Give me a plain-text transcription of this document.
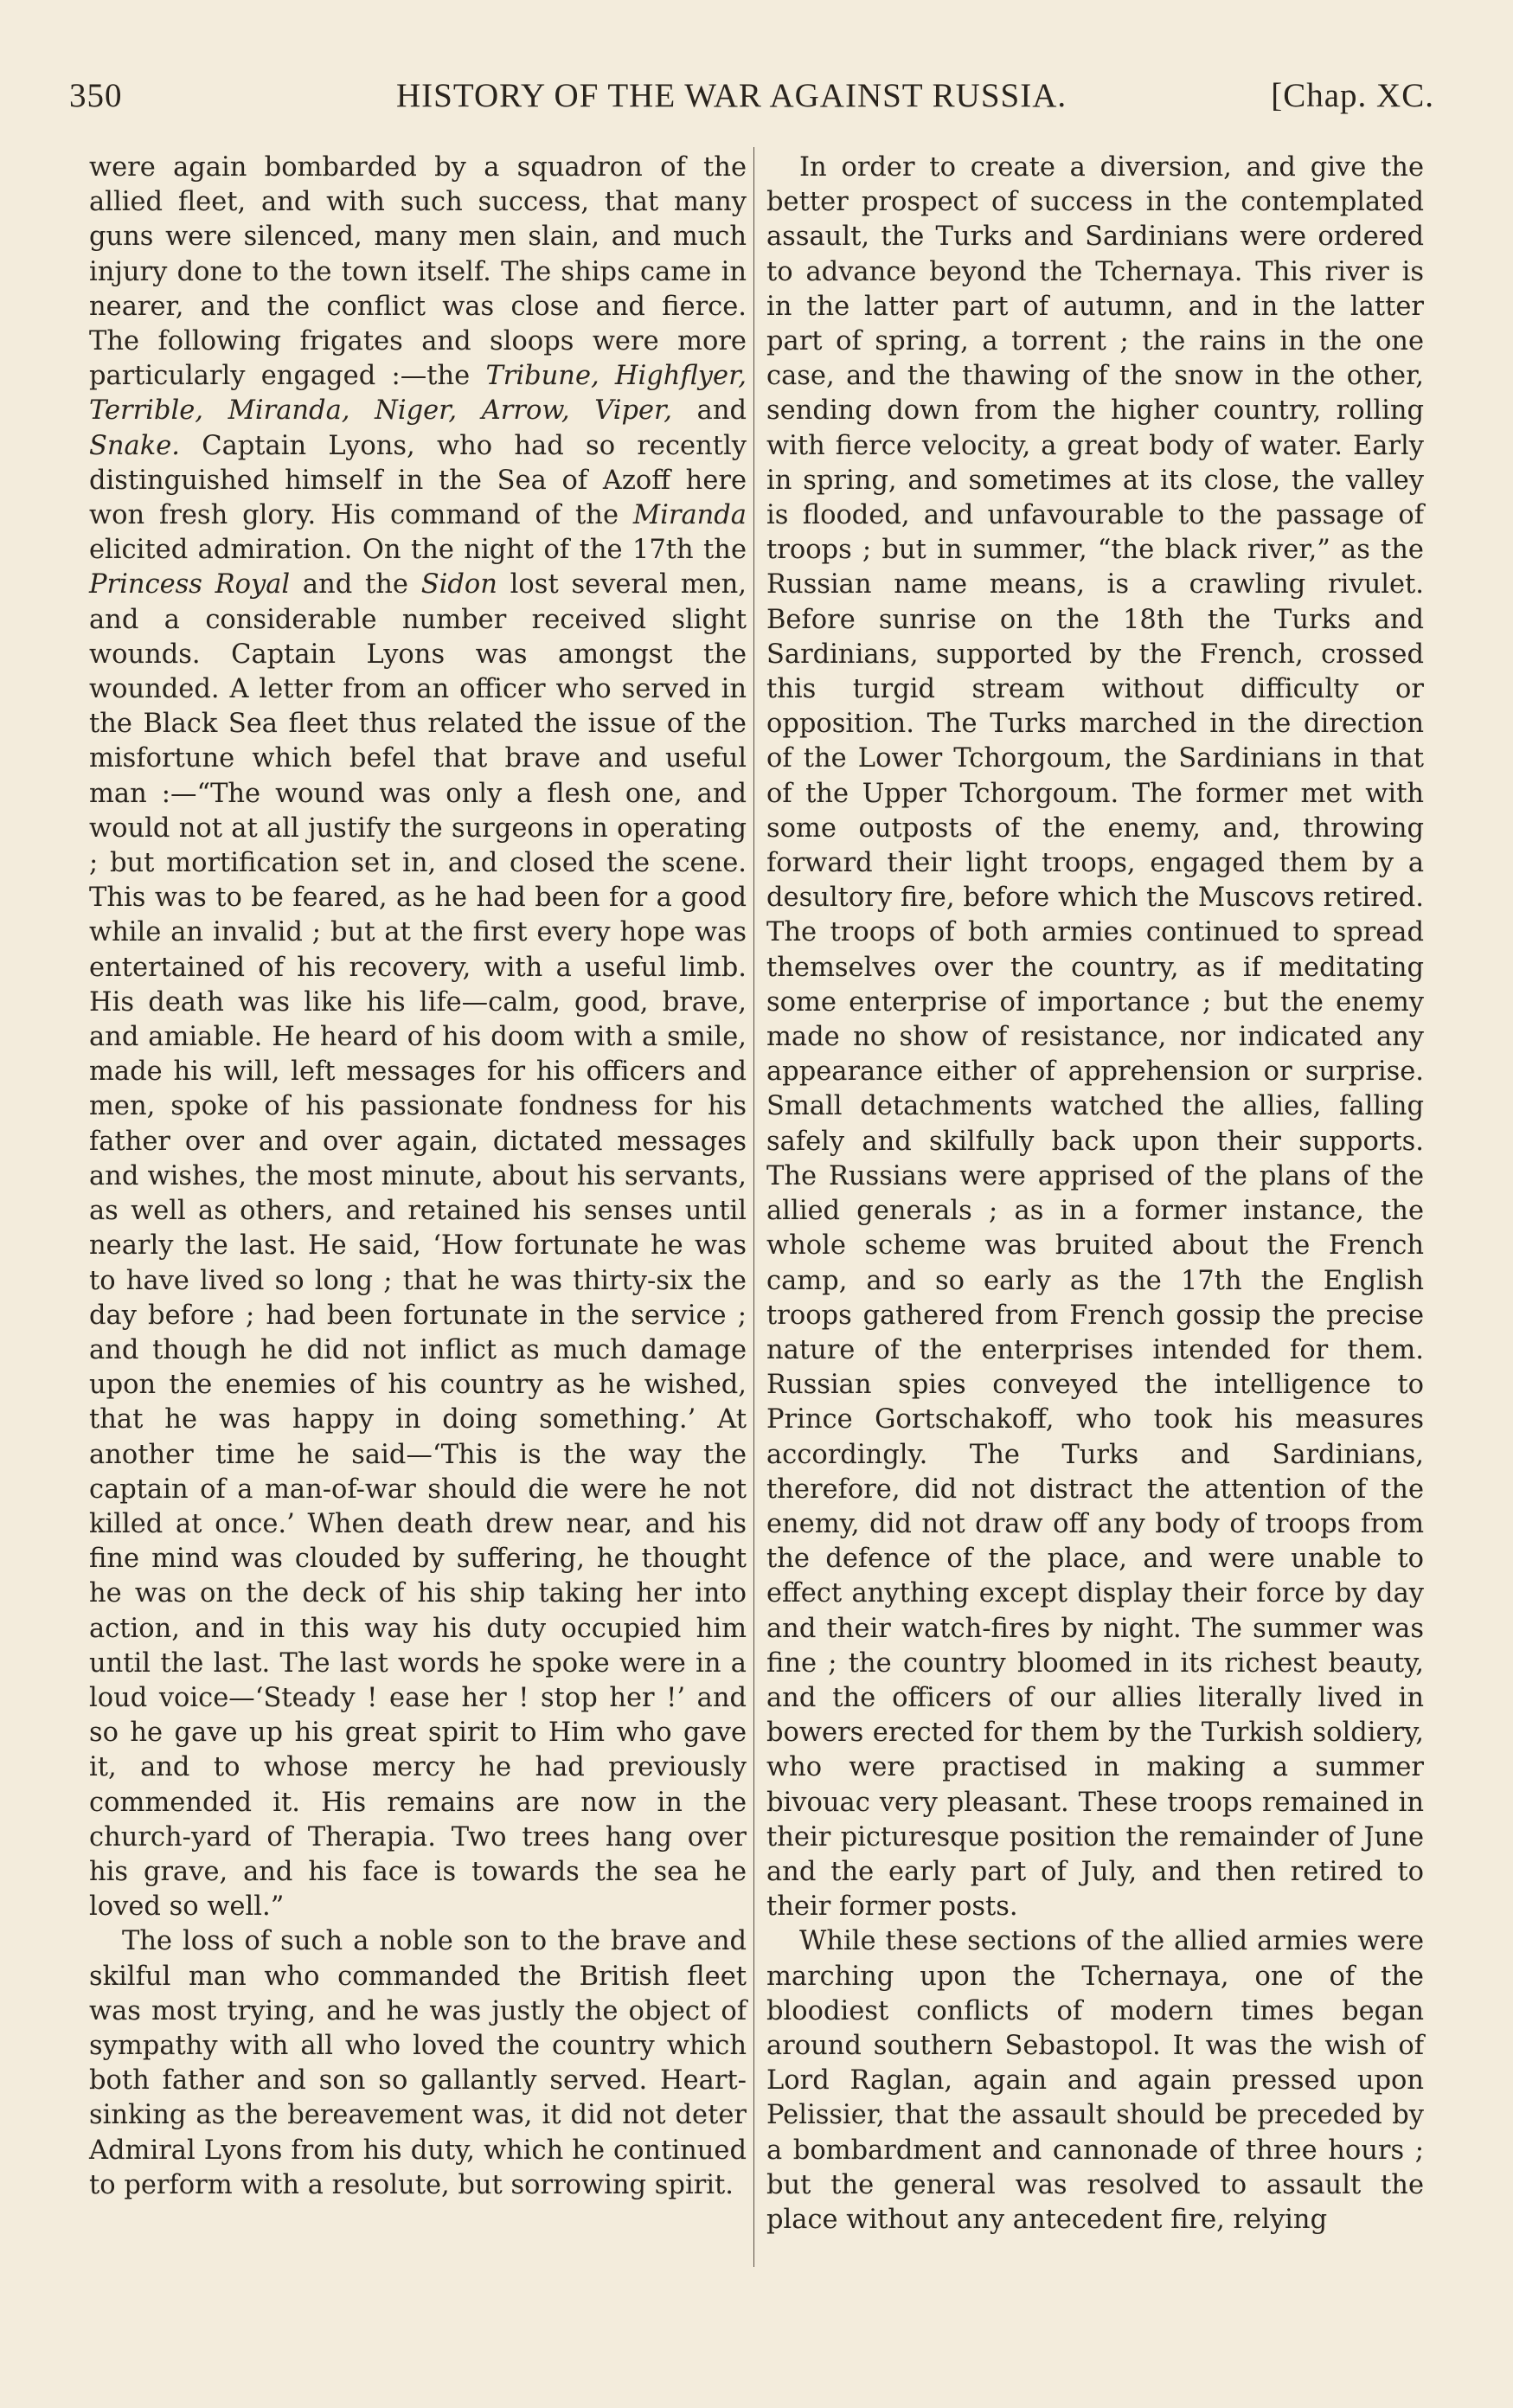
350	HISTORY OF THE WAR AGAINST RUSSIA.	[Chap. XC.

were again bombarded by a squadron of the allied fleet, and with such success, that many guns were silenced, many men slain, and much injury done to the town itself. The ships came in nearer, and the conflict was close and fierce. The following frigates and sloops were more particularly engaged :—the Tribune, Highflyer, Terrible, Miranda, Niger, Arrow, Viper, and Snake. Captain Lyons, who had so recently distinguished himself in the Sea of Azoff here won fresh glory. His command of the Miranda elicited admiration. On the night of the 17th the Princess Royal and the Sidon lost several men, and a considerable number received slight wounds. Captain Lyons was amongst the wounded. A letter from an officer who served in the Black Sea fleet thus related the issue of the misfortune which befel that brave and useful man :—“The wound was only a flesh one, and would not at all justify the surgeons in operating ; but mortification set in, and closed the scene. This was to be feared, as he had been for a good while an invalid ; but at the first every hope was entertained of his recovery, with a useful limb. His death was like his life—calm, good, brave, and amiable. He heard of his doom with a smile, made his will, left messages for his officers and men, spoke of his passionate fondness for his father over and over again, dictated messages and wishes, the most minute, about his servants, as well as others, and retained his senses until nearly the last. He said, ‘How fortunate he was to have lived so long ; that he was thirty-six the day before ; had been fortunate in the service ; and though he did not inflict as much damage upon the enemies of his country as he wished, that he was happy in doing something.’ At another time he said—‘This is the way the captain of a man-of-war should die were he not killed at once.’ When death drew near, and his fine mind was clouded by suffering, he thought he was on the deck of his ship taking her into action, and in this way his duty occupied him until the last. The last words he spoke were in a loud voice—‘Steady ! ease her ! stop her !’ and so he gave up his great spirit to Him who gave it, and to whose mercy he had previously commended it. His remains are now in the church-yard of Therapia. Two trees hang over his grave, and his face is towards the sea he loved so well.”

The loss of such a noble son to the brave and skilful man who commanded the British fleet was most trying, and he was justly the object of sympathy with all who loved the country which both father and son so gallantly served. Heart-sinking as the bereavement was, it did not deter Admiral Lyons from his duty, which he continued to perform with a resolute, but sorrowing spirit.

In order to create a diversion, and give the better prospect of success in the contemplated assault, the Turks and Sardinians were ordered to advance beyond the Tchernaya. This river is in the latter part of autumn, and in the latter part of spring, a torrent ; the rains in the one case, and the thawing of the snow in the other, sending down from the higher country, rolling with fierce velocity, a great body of water. Early in spring, and sometimes at its close, the valley is flooded, and unfavourable to the passage of troops ; but in summer, “the black river,” as the Russian name means, is a crawling rivulet. Before sunrise on the 18th the Turks and Sardinians, supported by the French, crossed this turgid stream without difficulty or opposition. The Turks marched in the direction of the Lower Tchorgoum, the Sardinians in that of the Upper Tchorgoum. The former met with some outposts of the enemy, and, throwing forward their light troops, engaged them by a desultory fire, before which the Muscovs retired. The troops of both armies continued to spread themselves over the country, as if meditating some enterprise of importance ; but the enemy made no show of resistance, nor indicated any appearance either of apprehension or surprise. Small detachments watched the allies, falling safely and skilfully back upon their supports. The Russians were apprised of the plans of the allied generals ; as in a former instance, the whole scheme was bruited about the French camp, and so early as the 17th the English troops gathered from French gossip the precise nature of the enterprises intended for them. Russian spies conveyed the intelligence to Prince Gortschakoff, who took his measures accordingly. The Turks and Sardinians, therefore, did not distract the attention of the enemy, did not draw off any body of troops from the defence of the place, and were unable to effect anything except display their force by day and their watch-fires by night. The summer was fine ; the country bloomed in its richest beauty, and the officers of our allies literally lived in bowers erected for them by the Turkish soldiery, who were practised in making a summer bivouac very pleasant. These troops remained in their picturesque position the remainder of June and the early part of July, and then retired to their former posts.

While these sections of the allied armies were marching upon the Tchernaya, one of the bloodiest conflicts of modern times began around southern Sebastopol. It was the wish of Lord Raglan, again and again pressed upon Pelissier, that the assault should be preceded by a bombardment and cannonade of three hours ; but the general was resolved to assault the place without any antecedent fire, relying
